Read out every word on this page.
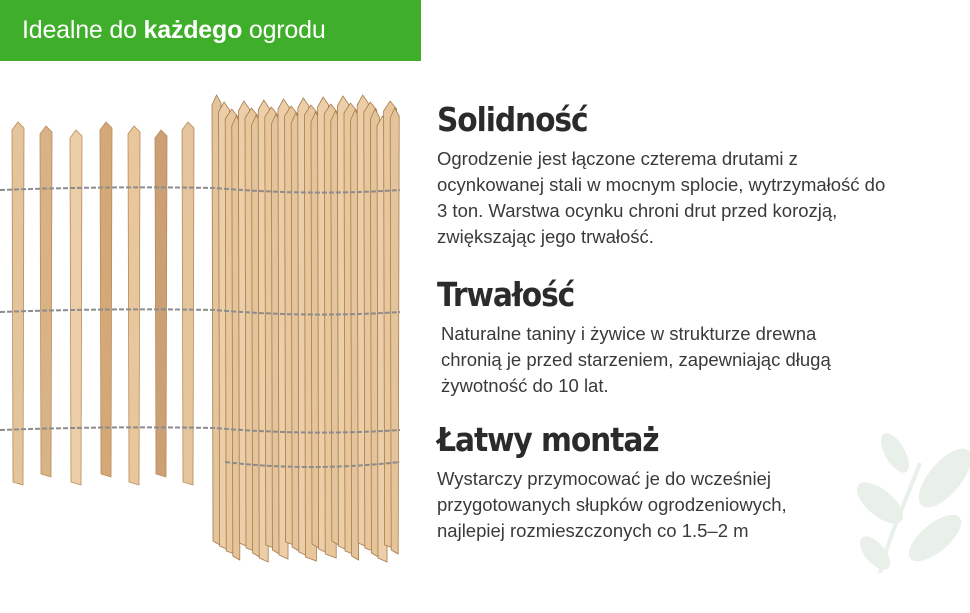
Idealne do każdego ogrodu
Solidność
Ogrodzenie jest łączone czterema drutami z
ocynkowanej stali w mocnym splocie, wytrzymałość do
3 ton. Warstwa ocynku chroni drut przed korozją,
zwiększając jego trwałość.
Trwałość
Naturalne taniny i żywice w strukturze drewna
chronią je przed starzeniem, zapewniając długą
żywotność do 10 lat.
Łatwy montaż
Wystarczy przymocować je do wcześniej
przygotowanych słupków ogrodzeniowych,
najlepiej rozmieszczonych co 1.5–2 m
